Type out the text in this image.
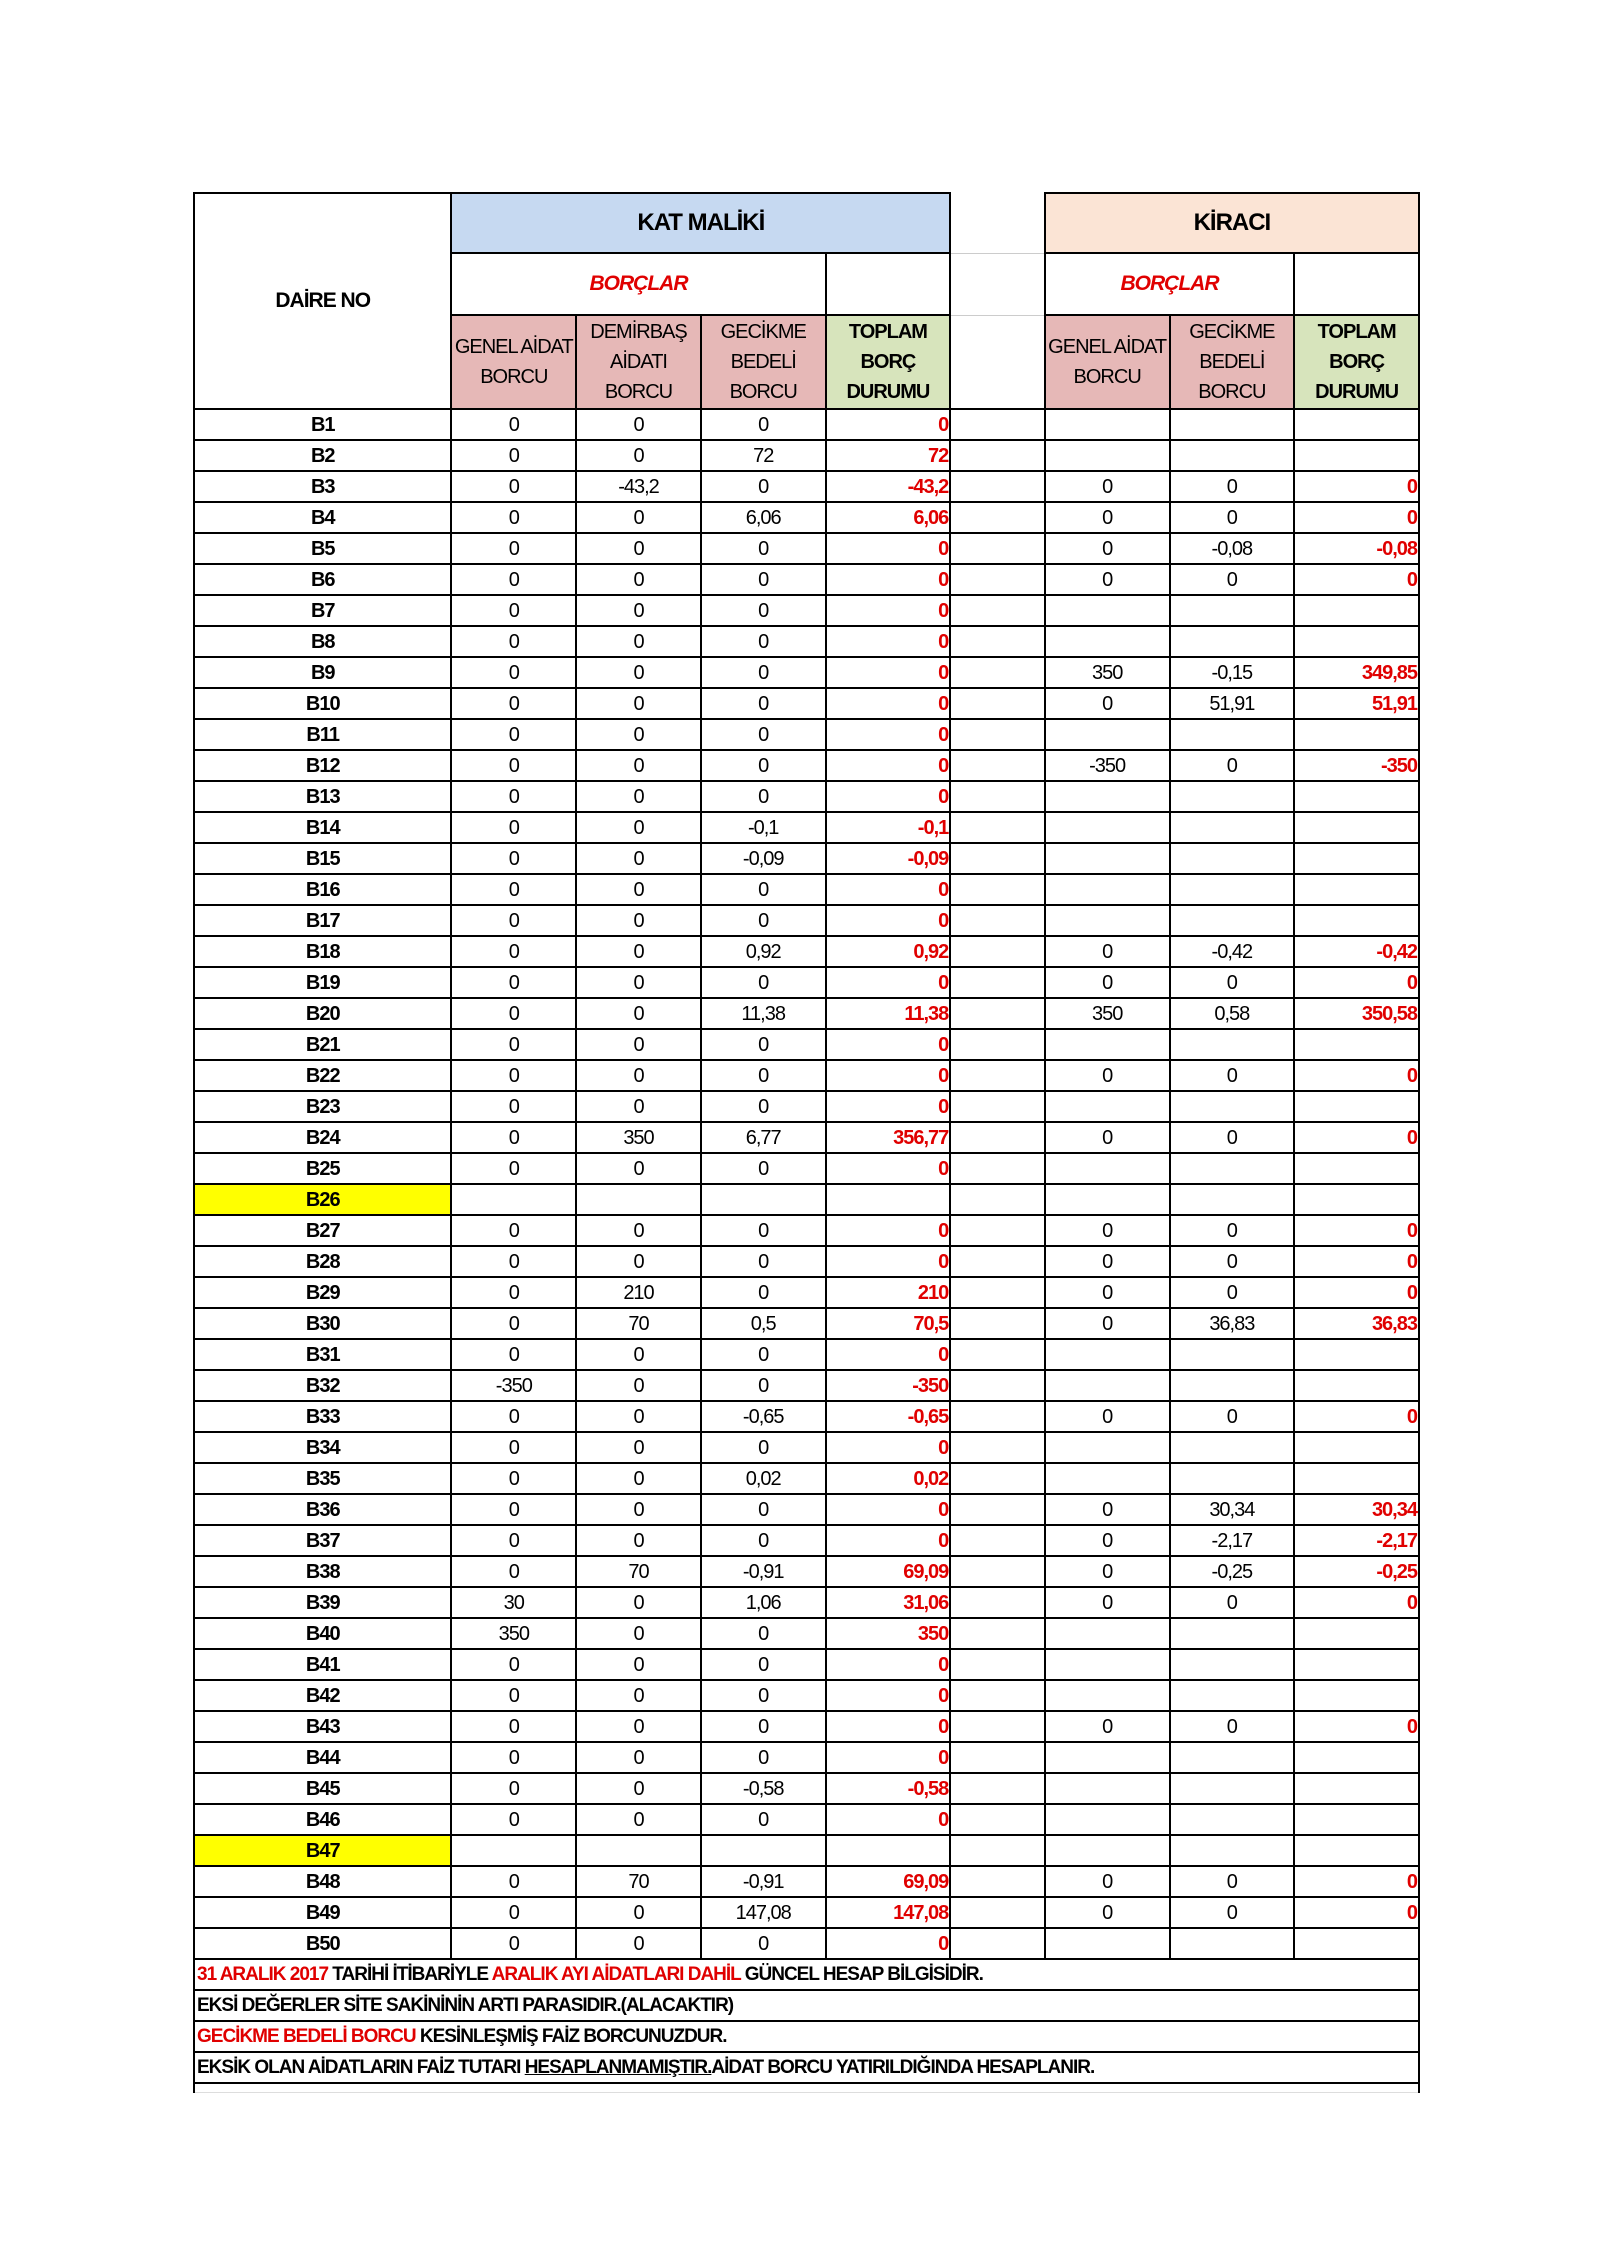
DAİRE NO	KAT MALİKİ					KİRACI		
	BORÇLAR					BORÇLAR		
	GENEL AİDAT BORCU	DEMİRBAŞ AİDATI BORCU	GECİKME BEDELİ BORCU	TOPLAM BORÇ DURUMU		GENEL AİDAT BORCU	GECİKME BEDELİ BORCU	TOPLAM BORÇ DURUMU
B1	0	0	0	0				
B2	0	0	72	72				
B3	0	-43,2	0	-43,2		0	0	0
B4	0	0	6,06	6,06		0	0	0
B5	0	0	0	0		0	-0,08	-0,08
B6	0	0	0	0		0	0	0
B7	0	0	0	0				
B8	0	0	0	0				
B9	0	0	0	0		350	-0,15	349,85
B10	0	0	0	0		0	51,91	51,91
B11	0	0	0	0				
B12	0	0	0	0		-350	0	-350
B13	0	0	0	0				
B14	0	0	-0,1	-0,1				
B15	0	0	-0,09	-0,09				
B16	0	0	0	0				
B17	0	0	0	0				
B18	0	0	0,92	0,92		0	-0,42	-0,42
B19	0	0	0	0		0	0	0
B20	0	0	11,38	11,38		350	0,58	350,58
B21	0	0	0	0				
B22	0	0	0	0		0	0	0
B23	0	0	0	0				
B24	0	350	6,77	356,77		0	0	0
B25	0	0	0	0				
B26								
B27	0	0	0	0		0	0	0
B28	0	0	0	0		0	0	0
B29	0	210	0	210		0	0	0
B30	0	70	0,5	70,5		0	36,83	36,83
B31	0	0	0	0				
B32	-350	0	0	-350				
B33	0	0	-0,65	-0,65		0	0	0
B34	0	0	0	0				
B35	0	0	0,02	0,02				
B36	0	0	0	0		0	30,34	30,34
B37	0	0	0	0		0	-2,17	-2,17
B38	0	70	-0,91	69,09		0	-0,25	-0,25
B39	30	0	1,06	31,06		0	0	0
B40	350	0	0	350				
B41	0	0	0	0				
B42	0	0	0	0				
B43	0	0	0	0		0	0	0
B44	0	0	0	0				
B45	0	0	-0,58	-0,58				
B46	0	0	0	0				
B47								
B48	0	70	-0,91	69,09		0	0	0
B49	0	0	147,08	147,08		0	0	0
B50	0	0	0	0				
31 ARALIK 2017 TARİHİ İTİBARİYLE ARALIK AYI AİDATLARI DAHİL GÜNCEL HESAP BİLGİSİDİR.								
EKSİ DEĞERLER SİTE SAKİNİNİN ARTI PARASIDIR.(ALACAKTIR)								
GECİKME BEDELİ BORCU KESİNLEŞMİŞ FAİZ BORCUNUZDUR.								
EKSİK OLAN AİDATLARIN FAİZ TUTARI HESAPLANMAMIŞTIR.AİDAT BORCU YATIRILDIĞINDA HESAPLANIR.								
